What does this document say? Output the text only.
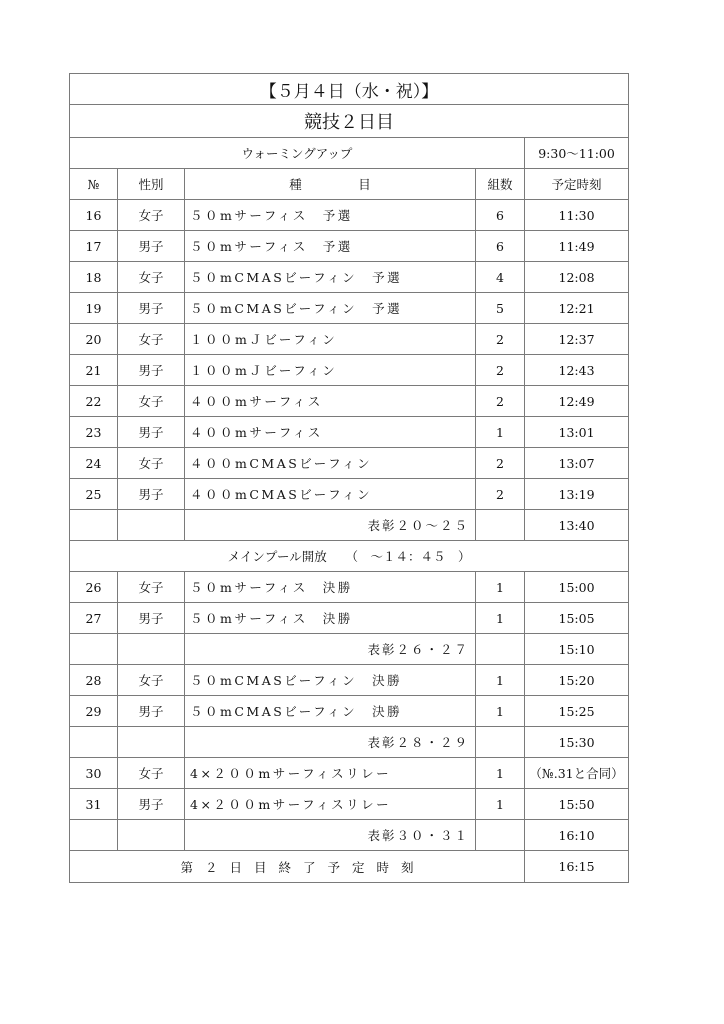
【５月４日（水・祝）】				
競技２日目				
ウォーミングアップ				9:30〜11:00
№	性別	種　目	組数	予定時刻
16	女子	５０mサーフィス　予選	6	11:30
17	男子	５０mサーフィス　予選	6	11:49
18	女子	５０mCMASビーフィン　予選	4	12:08
19	男子	５０mCMASビーフィン　予選	5	12:21
20	女子	１００mＪビーフィン	2	12:37
21	男子	１００mＪビーフィン	2	12:43
22	女子	４００mサーフィス	2	12:49
23	男子	４００mサーフィス	1	13:01
24	女子	４００mCMASビーフィン	2	13:07
25	男子	４００mCMASビーフィン	2	13:19
		表彰２０〜２５		13:40
メインプール開放　　（　〜１４：４５　）				
26	女子	５０mサーフィス　決勝	1	15:00
27	男子	５０mサーフィス　決勝	1	15:05
		表彰２６・２７		15:10
28	女子	５０mCMASビーフィン　決勝	1	15:20
29	男子	５０mCMASビーフィン　決勝	1	15:25
		表彰２８・２９		15:30
30	女子	4×２００mサーフィスリレー	1	（№.31と合同）
31	男子	4×２００mサーフィスリレー	1	15:50
		表彰３０・３１		16:10
第２日目終了予定時刻				16:15
